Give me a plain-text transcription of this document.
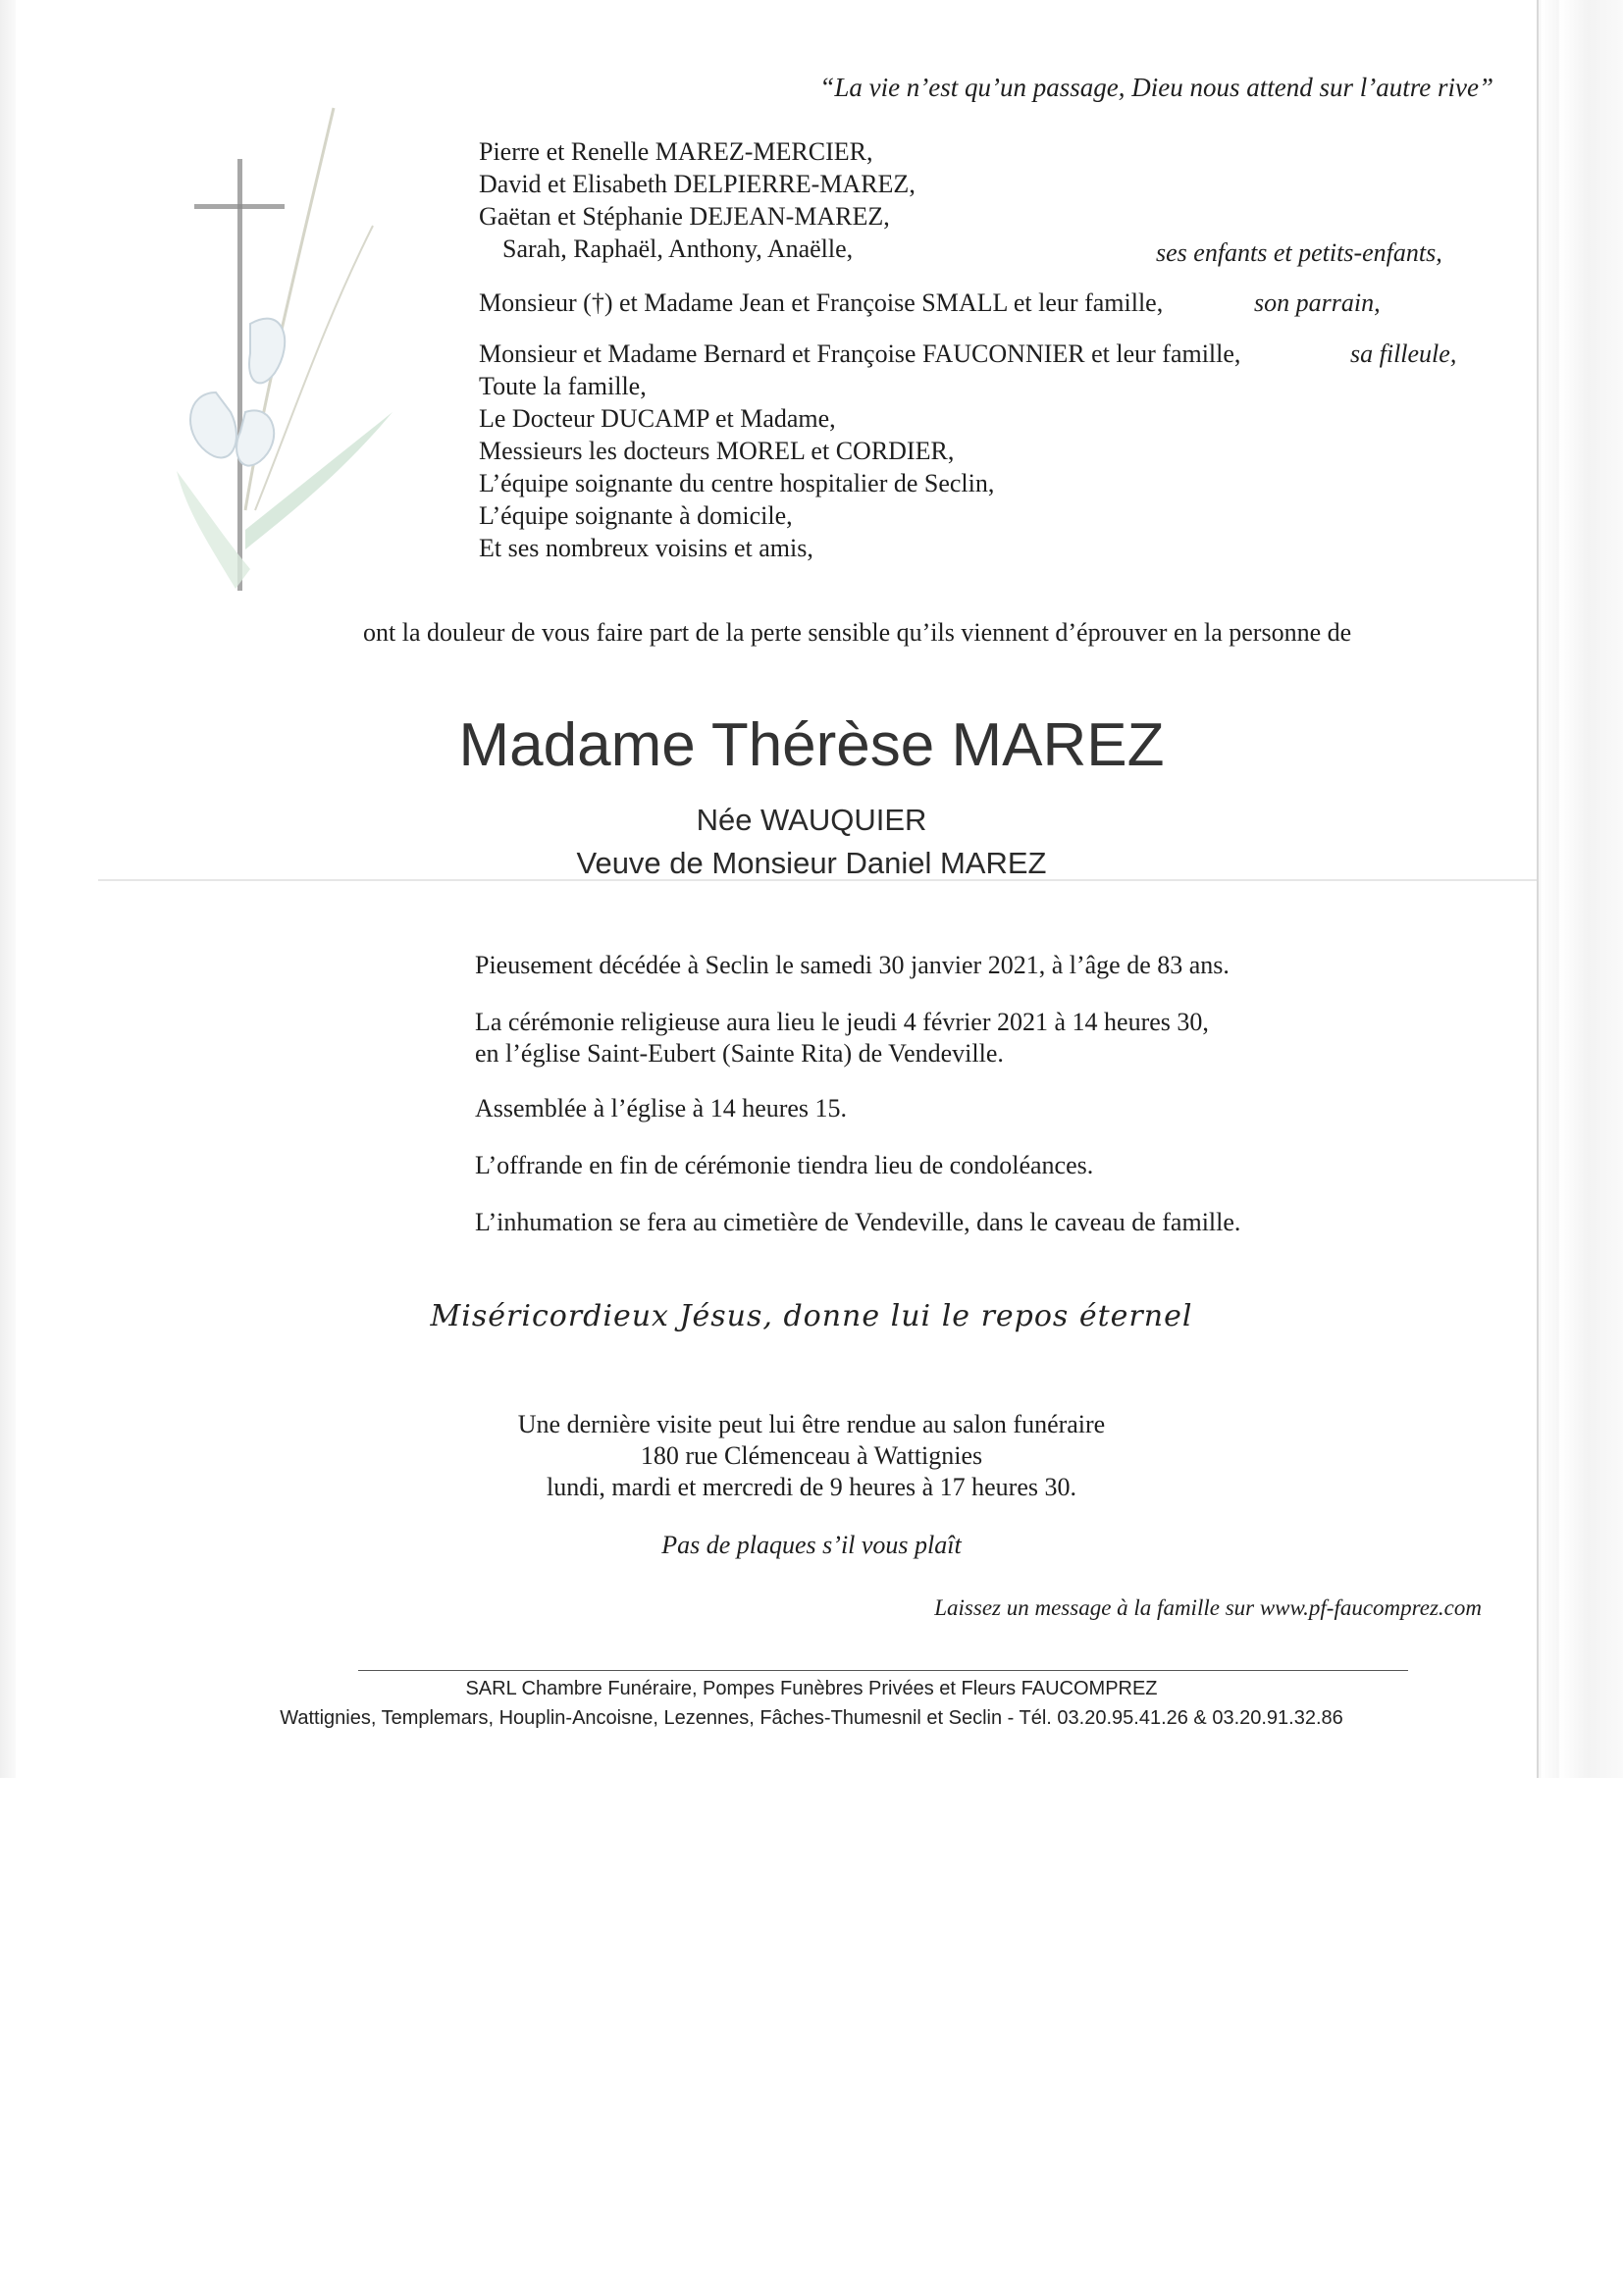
“La vie n’est qu’un passage, Dieu nous attend sur l’autre rive”
Pierre et Renelle MAREZ-MERCIER,
David et Elisabeth DELPIERRE-MAREZ,
Gaëtan et Stéphanie DEJEAN-MAREZ,
Sarah, Raphaël, Anthony, Anaëlle,	ses enfants et petits-enfants,
Monsieur (†) et Madame Jean et Françoise SMALL et leur famille,	son parrain,
Monsieur et Madame Bernard et Françoise FAUCONNIER et leur famille,
Toute la famille,
Le Docteur DUCAMP et Madame,
Messieurs les docteurs MOREL et CORDIER,
L’équipe soignante du centre hospitalier de Seclin,
L’équipe soignante à domicile,
Et ses nombreux voisins et amis,
sa filleule,
ont la douleur de vous faire part de la perte sensible qu’ils viennent d’éprouver en la personne de
Madame Thérèse MAREZ
Née WAUQUIER
Veuve de Monsieur Daniel MAREZ
Pieusement décédée à Seclin le samedi 30 janvier 2021, à l’âge de 83 ans.
La cérémonie religieuse aura lieu le jeudi 4 février 2021 à 14 heures 30,
en l’église Saint-Eubert (Sainte Rita) de Vendeville.
Assemblée à l’église à 14 heures 15.
L’offrande en fin de cérémonie tiendra lieu de condoléances.
L’inhumation se fera au cimetière de Vendeville, dans le caveau de famille.
Miséricordieux Jésus, donne lui le repos éternel
Une dernière visite peut lui être rendue au salon funéraire
180 rue Clémenceau à Wattignies
lundi, mardi et mercredi de 9 heures à 17 heures 30.
Pas de plaques s’il vous plaît
Laissez un message à la famille sur www.pf-faucomprez.com
SARL Chambre Funéraire, Pompes Funèbres Privées et Fleurs FAUCOMPREZ
Wattignies, Templemars, Houplin-Ancoisne, Lezennes, Fâches-Thumesnil et Seclin - Tél. 03.20.95.41.26 & 03.20.91.32.86
